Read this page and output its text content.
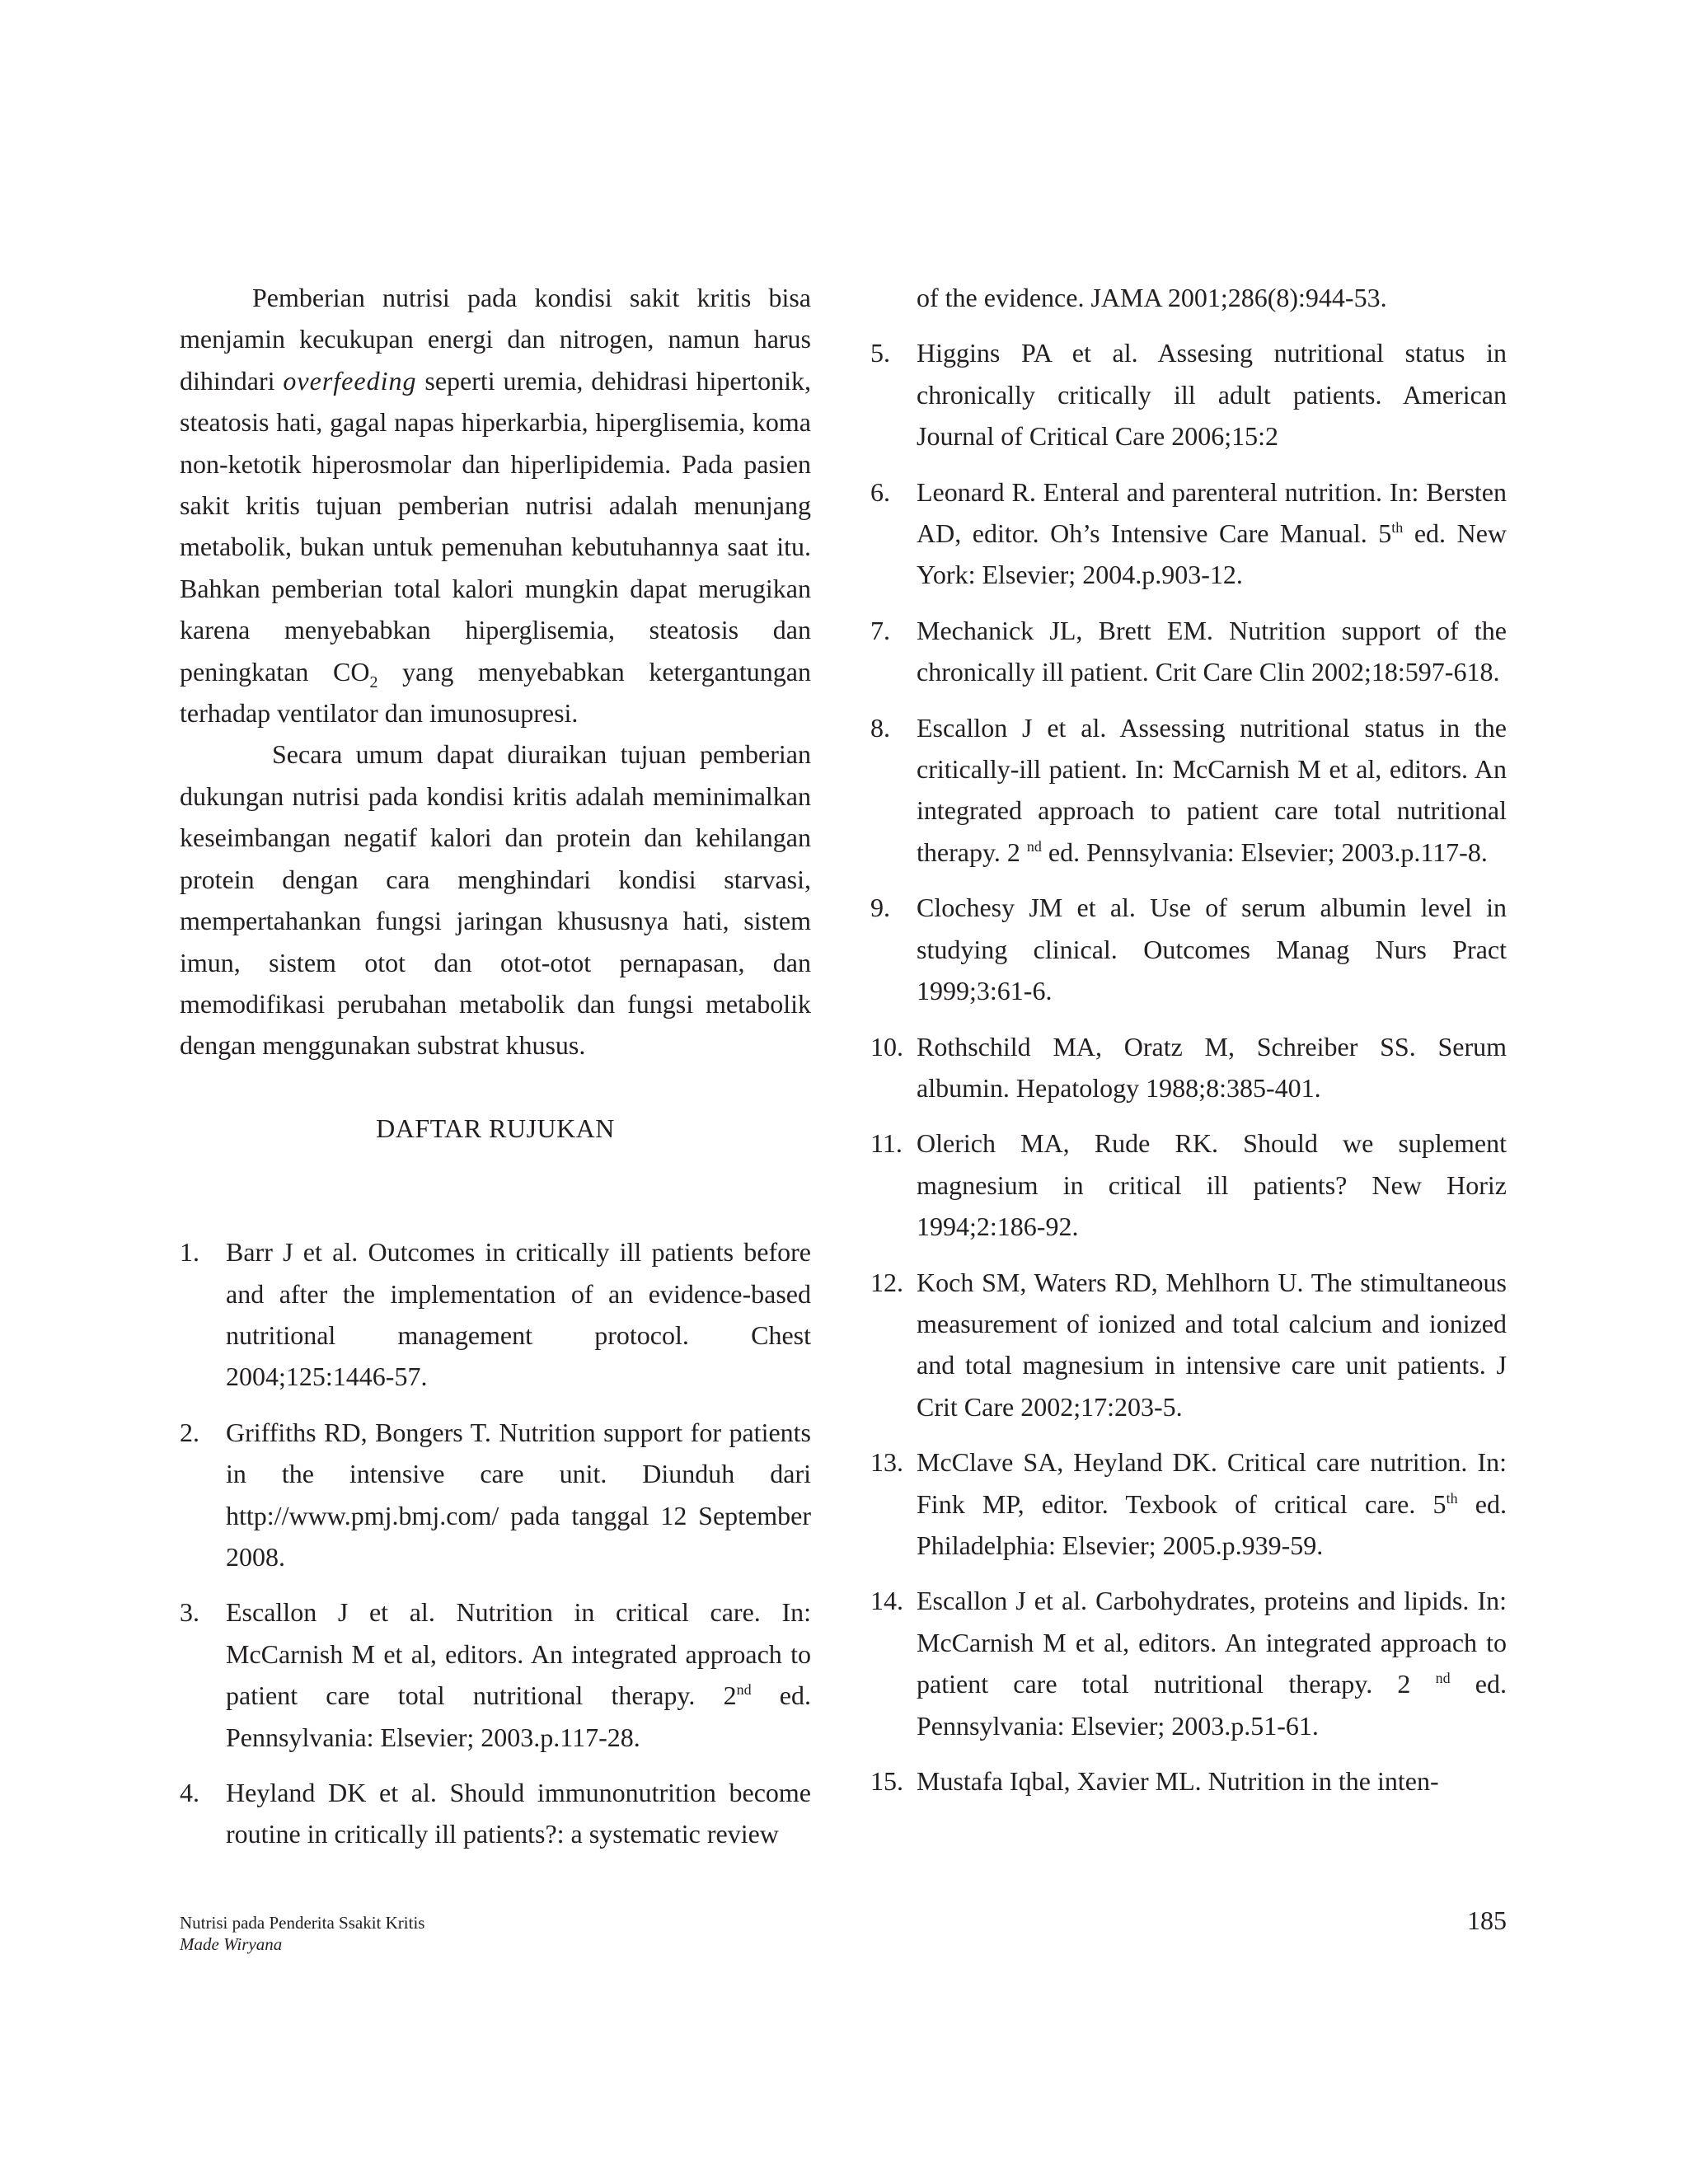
Pemberian nutrisi pada kondisi sakit kritis bisa menjamin kecukupan energi dan nitrogen, namun harus dihindari overfeeding seperti uremia, dehidrasi hipertonik, steatosis hati, gagal napas hiperkarbia, hiperglisemia, koma non-ketotik hiperosmolar dan hiperlipidemia. Pada pasien sakit kritis tujuan pemberian nutrisi adalah menunjang metabolik, bukan untuk pemenuhan kebutuhannya saat itu. Bahkan pemberian total kalori mungkin dapat merugikan karena menyebabkan hiperglisemia, steatosis dan peningkatan $CO_2$ yang menyebabkan ketergantungan terhadap ventilator dan imunosupresi.

Secara umum dapat diuraikan tujuan pemberian dukungan nutrisi pada kondisi kritis adalah meminimalkan keseimbangan negatif kalori dan protein dan kehilangan protein dengan cara menghindari kondisi starvasi, mempertahankan fungsi jaringan khususnya hati, sistem imun, sistem otot dan otot-otot pernapasan, dan memodifikasi perubahan metabolik dan fungsi metabolik dengan menggunakan substrat khusus.

DAFTAR RUJUKAN
1.	Barr J et al. Outcomes in critically ill patients before and after the implementation of an evidence-based nutritional management protocol. Chest 2004;125:1446-57.
2.	Griffiths RD, Bongers T. Nutrition support for patients in the intensive care unit. Diunduh dari http://www.pmj.bmj.com/ pada tanggal 12 September 2008.
3.	Escallon J et al. Nutrition in critical care. In: McCarnish M et al, editors. An integrated approach to patient care total nutritional therapy. 2nd ed. Pennsylvania: Elsevier; 2003.p.117-28.
4.	Heyland DK et al. Should immunonutrition become routine in critically ill patients?: a systematic review
of the evidence. JAMA 2001;286(8):944-53.
5.	Higgins PA et al. Assesing nutritional status in chronically critically ill adult patients. American Journal of Critical Care 2006;15:2
6.	Leonard R. Enteral and parenteral nutrition. In: Bersten AD, editor. Oh’s Intensive Care Manual. 5th ed. New York: Elsevier; 2004.p.903-12.
7.	Mechanick JL, Brett EM. Nutrition support of the chronically ill patient. Crit Care Clin 2002;18:597-618.
8.	Escallon J et al. Assessing nutritional status in the critically-ill patient. In: McCarnish M et al, editors. An integrated approach to patient care total nutritional therapy. 2 $^{nd}$ ed. Pennsylvania: Elsevier; 2003.p.117-8.
9.	Clochesy JM et al. Use of serum albumin level in studying clinical. Outcomes Manag Nurs Pract 1999;3:61-6.
10. Rothschild MA, Oratz M, Schreiber SS. Serum albumin. Hepatology 1988;8:385-401.
11. Olerich MA, Rude RK. Should we suplement magnesium in critical ill patients? New Horiz 1994;2:186-92.
12. Koch SM, Waters RD, Mehlhorn U. The stimultaneous measurement of ionized and total calcium and ionized and total magnesium in intensive care unit patients. J Crit Care 2002;17:203-5.
13. McClave SA, Heyland DK. Critical care nutrition. In: Fink MP, editor. Texbook of critical care. 5th ed. Philadelphia: Elsevier; 2005.p.939-59.
14. Escallon J et al. Carbohydrates, proteins and lipids. In: McCarnish M et al, editors. An integrated approach to patient care total nutritional therapy. 2 $^{nd}$ ed. Pennsylvania: Elsevier; 2003.p.51-61.
15. Mustafa Iqbal, Xavier ML. Nutrition in the inten-
Nutrisi pada Penderita Ssakit Kritis
Made Wiryana
185
